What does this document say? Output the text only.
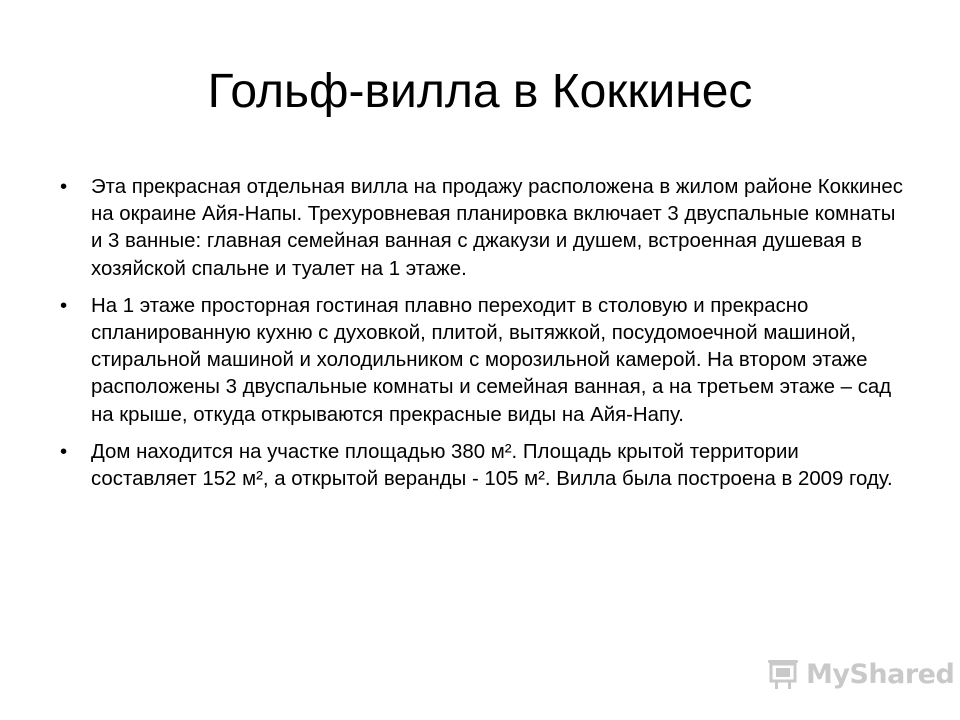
Гольф-вилла в Коккинес
• Эта прекрасная отдельная вилла на продажу расположена в жилом районе Коккинес на окраине Айя-Напы. Трехуровневая планировка включает 3 двуспальные комнаты и 3 ванные: главная семейная ванная с джакузи и душем, встроенная душевая в хозяйской спальне и туалет на 1 этаже.
• На 1 этаже просторная гостиная плавно переходит в столовую и прекрасно спланированную кухню с духовкой, плитой, вытяжкой, посудомоечной машиной, стиральной машиной и холодильником с морозильной камерой. На втором этаже расположены 3 двуспальные комнаты и семейная ванная, а на третьем этаже – сад на крыше, откуда открываются прекрасные виды на Айя-Напу.
• Дом находится на участке площадью 380 м². Площадь крытой территории составляет 152 м², а открытой веранды - 105 м². Вилла была построена в 2009 году.
MyShared
